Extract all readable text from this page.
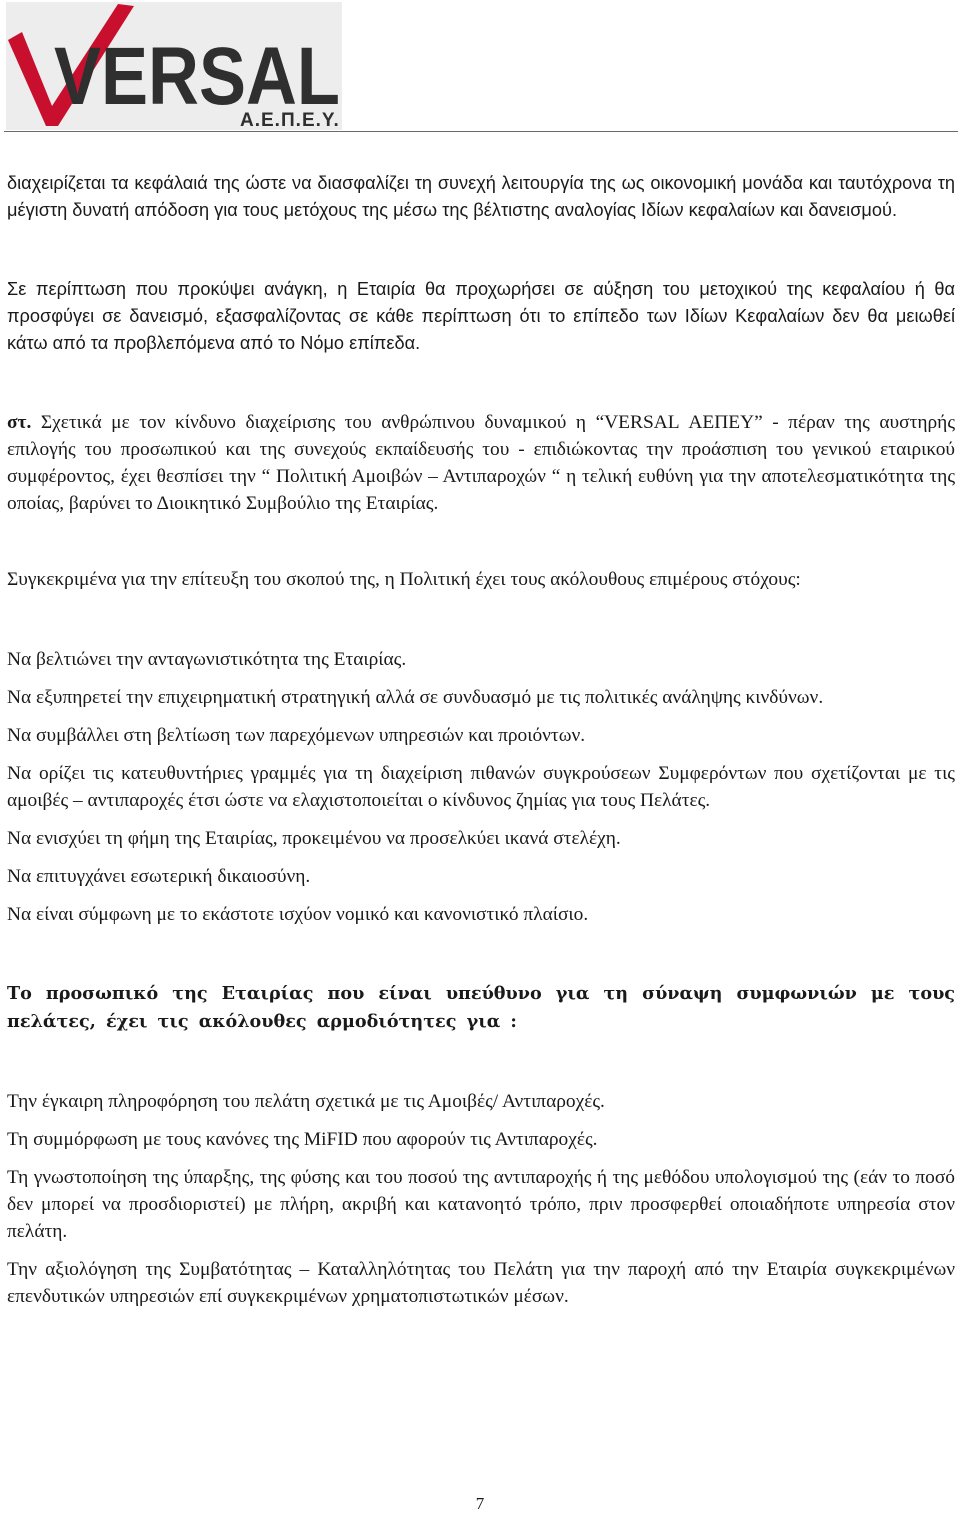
VERSAL
Α.Ε.Π.Ε.Υ.

διαχειρίζεται τα κεφάλαιά της ώστε να διασφαλίζει τη συνεχή λειτουργία της ως οικονομική μονάδα και ταυτόχρονα τη μέγιστη δυνατή απόδοση για τους μετόχους της μέσω της βέλτιστης αναλογίας Ιδίων κεφαλαίων και δανεισμού.

Σε περίπτωση που προκύψει ανάγκη, η Εταιρία θα προχωρήσει σε αύξηση του μετοχικού της κεφαλαίου ή θα προσφύγει σε δανεισμό, εξασφαλίζοντας σε κάθε περίπτωση ότι το επίπεδο των Ιδίων Κεφαλαίων δεν θα μειωθεί κάτω από τα προβλεπόμενα από το Νόμο επίπεδα.

στ. Σχετικά με τον κίνδυνο διαχείρισης του ανθρώπινου δυναμικού η “VERSAL ΑΕΠΕΥ” - πέραν της αυστηρής επιλογής του προσωπικού και της συνεχούς εκπαίδευσής του - επιδιώκοντας την προάσπιση του γενικού εταιρικού συμφέροντος, έχει θεσπίσει την “ Πολιτική Αμοιβών – Αντιπαροχών “ η τελική ευθύνη για την αποτελεσματικότητα της οποίας, βαρύνει το Διοικητικό Συμβούλιο της Εταιρίας.

Συγκεκριμένα για την επίτευξη του σκοπού της, η Πολιτική έχει τους ακόλουθους επιμέρους στόχους:

Να βελτιώνει την ανταγωνιστικότητα της Εταιρίας.

Να εξυπηρετεί την επιχειρηματική στρατηγική αλλά σε συνδυασμό με τις πολιτικές ανάληψης κινδύνων.

Να συμβάλλει στη βελτίωση των παρεχόμενων υπηρεσιών και προιόντων.

Να ορίζει τις κατευθυντήριες γραμμές για τη διαχείριση πιθανών συγκρούσεων Συμφερόντων που σχετίζονται με τις αμοιβές – αντιπαροχές έτσι ώστε να ελαχιστοποιείται ο κίνδυνος ζημίας για τους Πελάτες.

Να ενισχύει τη φήμη της Εταιρίας, προκειμένου να προσελκύει ικανά στελέχη.

Να επιτυγχάνει εσωτερική δικαιοσύνη.

Να είναι σύμφωνη με το εκάστοτε ισχύον νομικό και κανονιστικό πλαίσιο.

Το προσωπικό της Εταιρίας που είναι υπεύθυνο για τη σύναψη συμφωνιών με τους πελάτες, έχει τις ακόλουθες αρμοδιότητες για :

Την έγκαιρη πληροφόρηση του πελάτη σχετικά με τις Αμοιβές/ Αντιπαροχές.

Τη συμμόρφωση με τους κανόνες της MiFID που αφορούν τις Αντιπαροχές.

Τη γνωστοποίηση της ύπαρξης, της φύσης και του ποσού της αντιπαροχής ή της μεθόδου υπολογισμού της (εάν το ποσό δεν μπορεί να προσδιοριστεί) με πλήρη, ακριβή και κατανοητό τρόπο, πριν προσφερθεί οποιαδήποτε υπηρεσία στον πελάτη.

Την αξιολόγηση της Συμβατότητας – Καταλληλότητας του Πελάτη για την παροχή από την Εταιρία συγκεκριμένων επενδυτικών υπηρεσιών επί συγκεκριμένων χρηματοπιστωτικών μέσων.

7
